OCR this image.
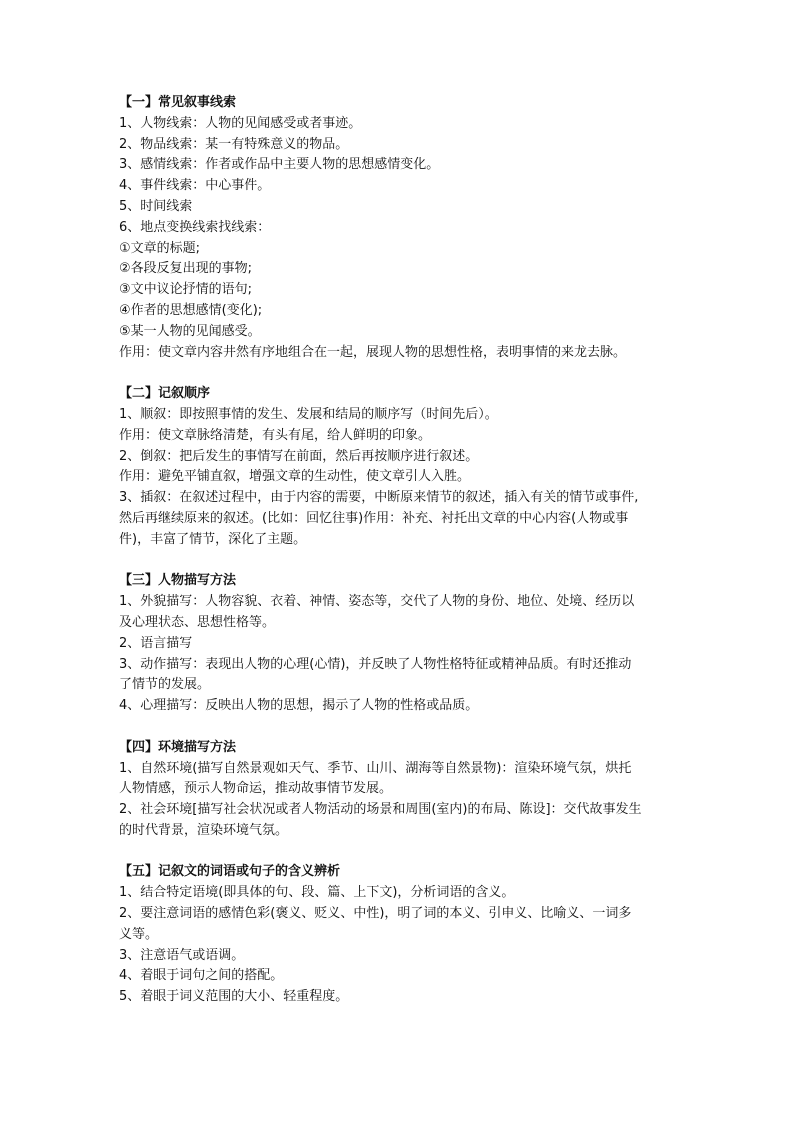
【一】常见叙事线索

1、人物线索：人物的见闻感受或者事迹。

2、物品线索：某一有特殊意义的物品。

3、感情线索：作者或作品中主要人物的思想感情变化。

4、事件线索：中心事件。

5、时间线索

6、地点变换线索找线索：

①文章的标题;

②各段反复出现的事物;

③文中议论抒情的语句;

④作者的思想感情(变化);

⑤某一人物的见闻感受。

作用：使文章内容井然有序地组合在一起，展现人物的思想性格，表明事情的来龙去脉。

【二】记叙顺序

1、顺叙：即按照事情的发生、发展和结局的顺序写（时间先后）。

作用：使文章脉络清楚，有头有尾，给人鲜明的印象。

2、倒叙：把后发生的事情写在前面，然后再按顺序进行叙述。

作用：避免平铺直叙，增强文章的生动性，使文章引人入胜。

3、插叙：在叙述过程中，由于内容的需要，中断原来情节的叙述，插入有关的情节或事件,

然后再继续原来的叙述。(比如：回忆往事)作用：补充、衬托出文章的中心内容(人物或事

件)，丰富了情节，深化了主题。

【三】人物描写方法

1、外貌描写：人物容貌、衣着、神情、姿态等，交代了人物的身份、地位、处境、经历以

及心理状态、思想性格等。

2、语言描写

3、动作描写：表现出人物的心理(心情)，并反映了人物性格特征或精神品质。有时还推动

了情节的发展。

4、心理描写：反映出人物的思想，揭示了人物的性格或品质。

【四】环境描写方法

1、自然环境(描写自然景观如天气、季节、山川、湖海等自然景物)：渲染环境气氛，烘托

人物情感，预示人物命运，推动故事情节发展。

2、社会环境[描写社会状况或者人物活动的场景和周围(室内)的布局、陈设]：交代故事发生

的时代背景，渲染环境气氛。

【五】记叙文的词语或句子的含义辨析

1、结合特定语境(即具体的句、段、篇、上下文)，分析词语的含义。

2、要注意词语的感情色彩(褒义、贬义、中性)，明了词的本义、引申义、比喻义、一词多

义等。

3、注意语气或语调。

4、着眼于词句之间的搭配。

5、着眼于词义范围的大小、轻重程度。
